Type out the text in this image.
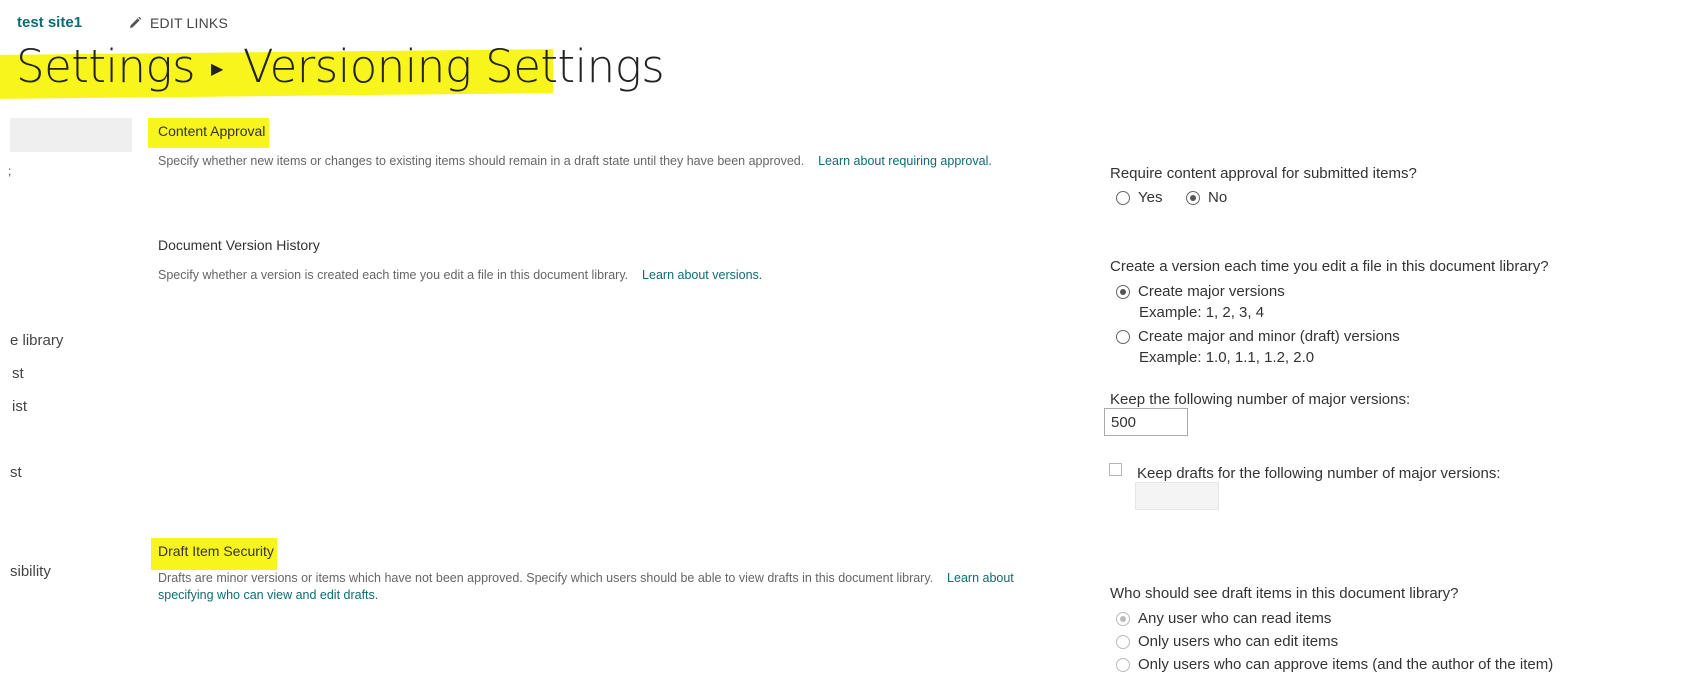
test site1	EDIT LINKS
Settings ▶ Versioning Settings
;
e library
st
ist
st
sibility
Content Approval
Specify whether new items or changes to existing items should remain in a draft state until they have been approved. Learn about requiring approval.
Require content approval for submitted items?
Yes	No
Document Version History
Specify whether a version is created each time you edit a file in this document library. Learn about versions.	Create a version each time you edit a file in this document library?
Create major versions
Example: 1, 2, 3, 4
Create major and minor (draft) versions
Example: 1.0, 1.1, 1.2, 2.0
Keep the following number of major versions:
500
Keep drafts for the following number of major versions:
Draft Item Security
Drafts are minor versions or items which have not been approved. Specify which users should be able to view drafts in this document library. Learn about
specifying who can view and edit drafts.	Who should see draft items in this document library?
Any user who can read items
Only users who can edit items
Only users who can approve items (and the author of the item)
